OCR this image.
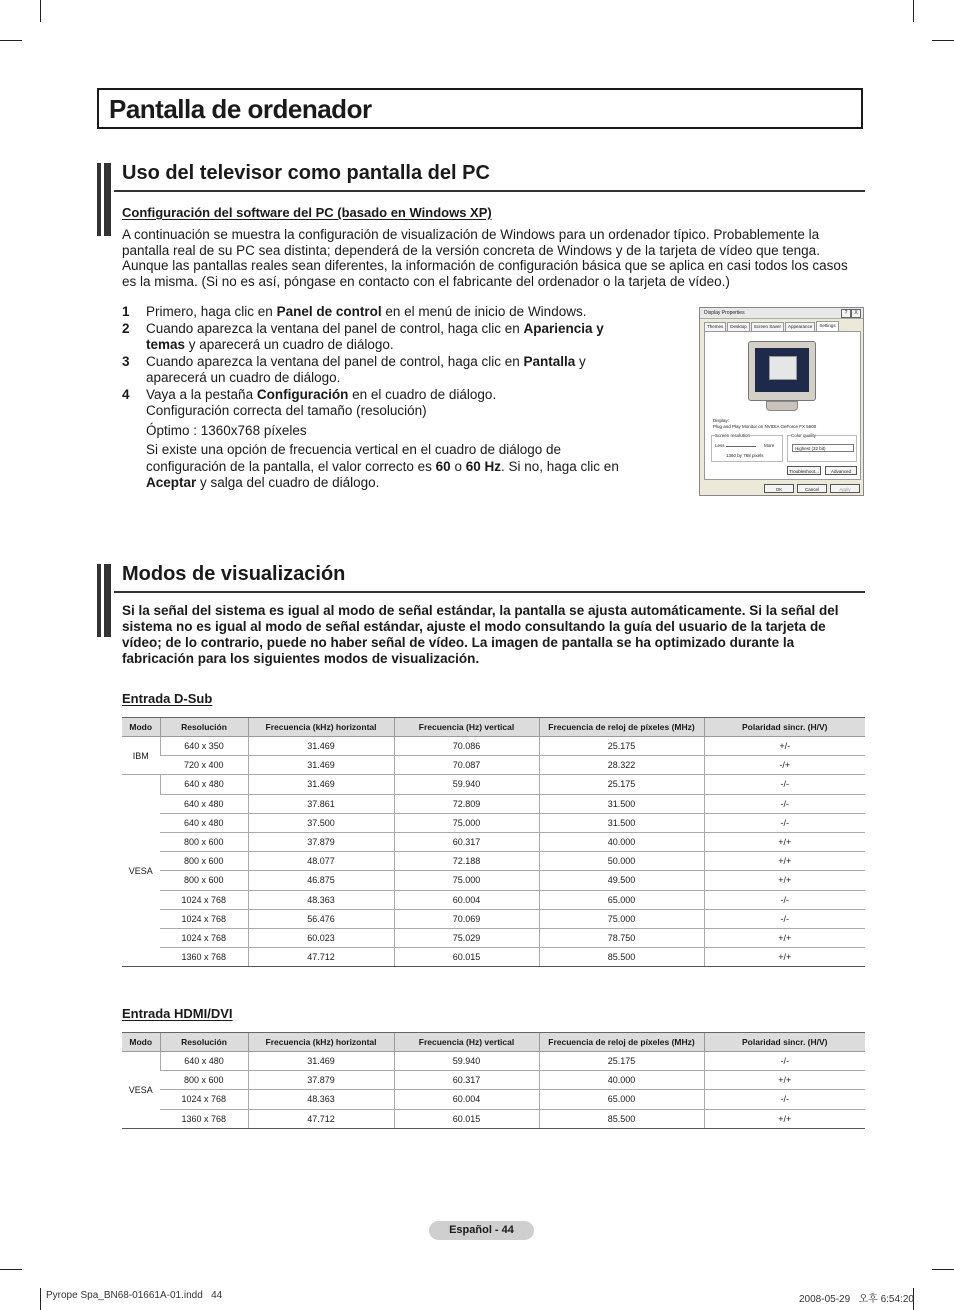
Pantalla de ordenador
Uso del televisor como pantalla del PC
Configuración del software del PC (basado en Windows XP)

A continuación se muestra la configuración de visualización de Windows para un ordenador típico. Probablemente la pantalla real de su PC sea distinta; dependerá de la versión concreta de Windows y de la tarjeta de vídeo que tenga. Aunque las pantallas reales sean diferentes, la información de configuración básica que se aplica en casi todos los casos es la misma. (Si no es así, póngase en contacto con el fabricante del ordenador o la tarjeta de vídeo.)

1	Primero, haga clic en Panel de control en el menú de inicio de Windows.
2	Cuando aparezca la ventana del panel de control, haga clic en Apariencia y temas y aparecerá un cuadro de diálogo.
3	Cuando aparezca la ventana del panel de control, haga clic en Pantalla y aparecerá un cuadro de diálogo.
4	Vaya a la pestaña Configuración en el cuadro de diálogo.
Configuración correcta del tamaño (resolución)
Óptimo : 1360x768 píxeles
Si existe una opción de frecuencia vertical en el cuadro de diálogo de configuración de la pantalla, el valor correcto es 60 o 60 Hz. Si no, haga clic en Aceptar y salga del cuadro de diálogo.
Display Properties	?	X
Themes	Desktop	Screen Saver	Appearance	Settings
Display:
Plug and Play Monitor on NVIDIA GeForce FX 5600
Screen resolution
Less	More
1360 by 768 pixels
Color quality
Highest (32 bit)
Troubleshoot...	Advanced
OK	Cancel	Apply
Modos de visualización

Si la señal del sistema es igual al modo de señal estándar, la pantalla se ajusta automáticamente. Si la señal del sistema no es igual al modo de señal estándar, ajuste el modo consultando la guía del usuario de la tarjeta de vídeo; de lo contrario, puede no haber señal de vídeo. La imagen de pantalla se ha optimizado durante la fabricación para los siguientes modos de visualización.

Entrada D-Sub
Modo	Resolución	Frecuencia (kHz) horizontal	Frecuencia (Hz) vertical	Frecuencia de reloj de píxeles (MHz)	Polaridad sincr. (H/V)
IBM	640 x 350	31.469	70.086	25.175	+/-
	720 x 400	31.469	70.087	28.322	-/+
VESA	640 x 480	31.469	59.940	25.175	-/-
	640 x 480	37.861	72.809	31.500	-/-
	640 x 480	37.500	75.000	31.500	-/-
	800 x 600	37.879	60.317	40.000	+/+
	800 x 600	48.077	72.188	50.000	+/+
	800 x 600	46.875	75.000	49.500	+/+
	1024 x 768	48.363	60.004	65.000	-/-
	1024 x 768	56.476	70.069	75.000	-/-
	1024 x 768	60.023	75.029	78.750	+/+
	1360 x 768	47.712	60.015	85.500	+/+
Entrada HDMI/DVI
Modo	Resolución	Frecuencia (kHz) horizontal	Frecuencia (Hz) vertical	Frecuencia de reloj de píxeles (MHz)	Polaridad sincr. (H/V)
VESA	640 x 480	31.469	59.940	25.175	-/-
	800 x 600	37.879	60.317	40.000	+/+
	1024 x 768	48.363	60.004	65.000	-/-
	1360 x 768	47.712	60.015	85.500	+/+
Español - 44
Pyrope Spa_BN68-01661A-01.indd   44	2008-05-29   오후 6:54:20
